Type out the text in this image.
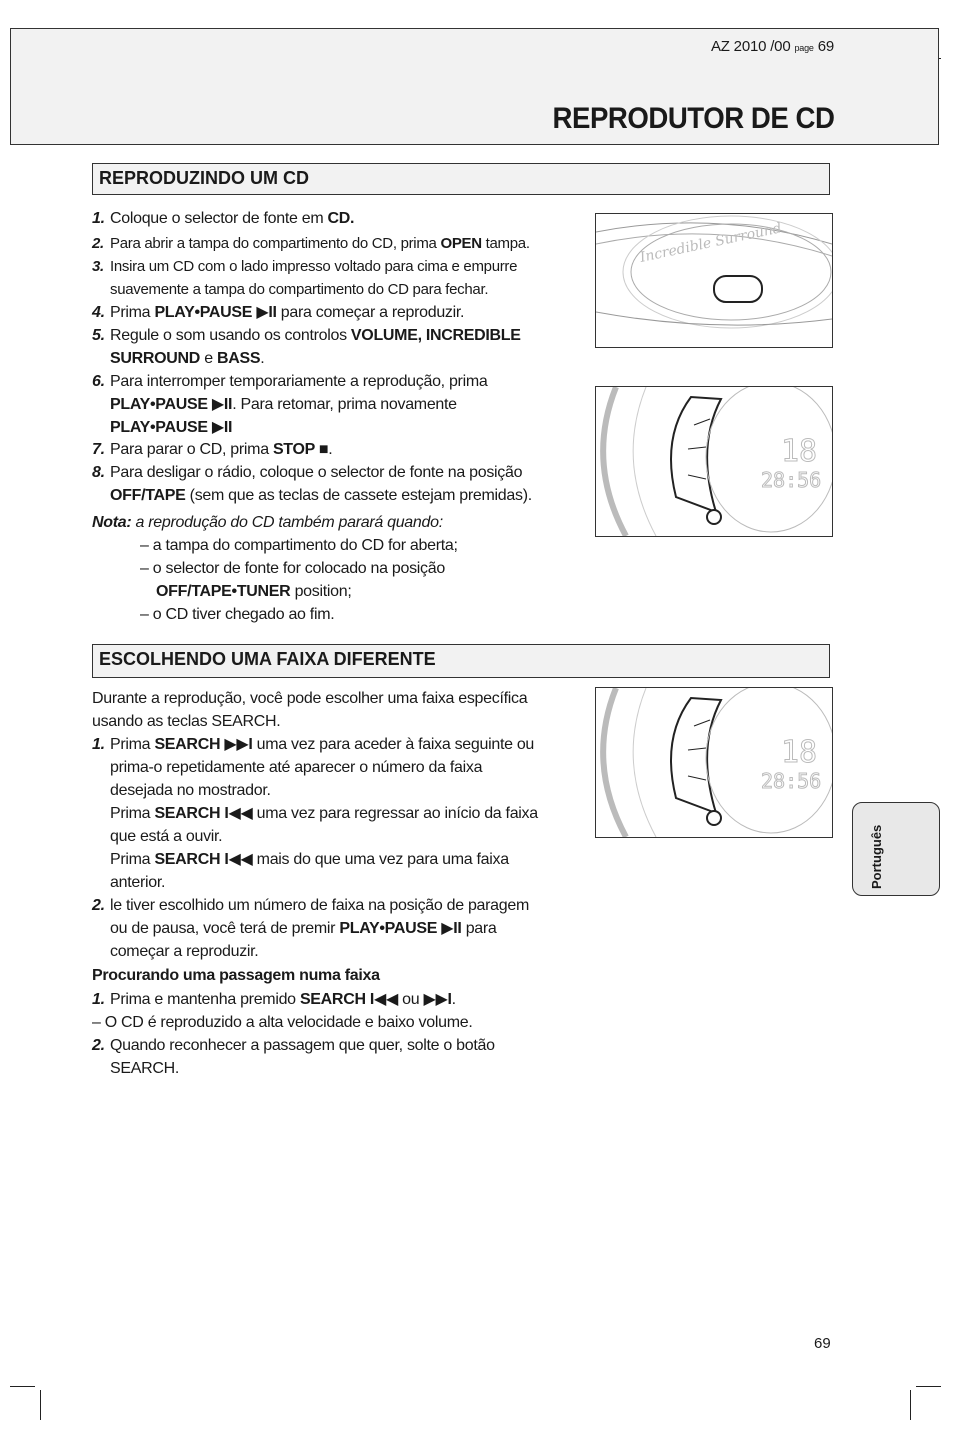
AZ 2010 /00 page 69
REPRODUTOR DE CD
REPRODUZINDO UM CD
1. Coloque o selector de fonte em CD.
2. Para abrir a tampa do compartimento do CD, prima OPEN tampa.
3. Insira um CD com o lado impresso voltado para cima e empurre
suavemente a tampa do compartimento do CD para fechar.
4. Prima PLAY•PAUSE ▶II para começar a reproduzir.
5. Regule o som usando os controlos VOLUME, INCREDIBLE
SURROUND e BASS.
6. Para interromper temporariamente a reprodução, prima
PLAY•PAUSE ▶II. Para retomar, prima novamente
PLAY•PAUSE ▶II
7. Para parar o CD, prima STOP ■.
8. Para desligar o rádio, coloque o selector de fonte na posição
OFF/TAPE (sem que as teclas de cassete estejam premidas).
Nota: a reprodução do CD também parará quando:
– a tampa do compartimento do CD for aberta;
– o selector de fonte for colocado na posição
OFF/TAPE•TUNER position;
– o CD tiver chegado ao fim.
Incredible Surround
18
28:56
ESCOLHENDO UMA FAIXA DIFERENTE
Durante a reprodução, você pode escolher uma faixa específica
usando as teclas SEARCH.
1. Prima SEARCH ▶▶I uma vez para aceder à faixa seguinte ou
prima-o repetidamente até aparecer o número da faixa
desejada no mostrador.
Prima SEARCH I◀◀ uma vez para regressar ao início da faixa
que está a ouvir.
Prima SEARCH I◀◀ mais do que uma vez para uma faixa
anterior.
2. le tiver escolhido um número de faixa na posição de paragem
ou de pausa, você terá de premir PLAY•PAUSE ▶II para
começar a reproduzir.
Procurando uma passagem numa faixa
1. Prima e mantenha premido SEARCH I◀◀ ou ▶▶I.
– O CD é reproduzido a alta velocidade e baixo volume.
2. Quando reconhecer a passagem que quer, solte o botão
SEARCH.
18
28:56
Português
69
